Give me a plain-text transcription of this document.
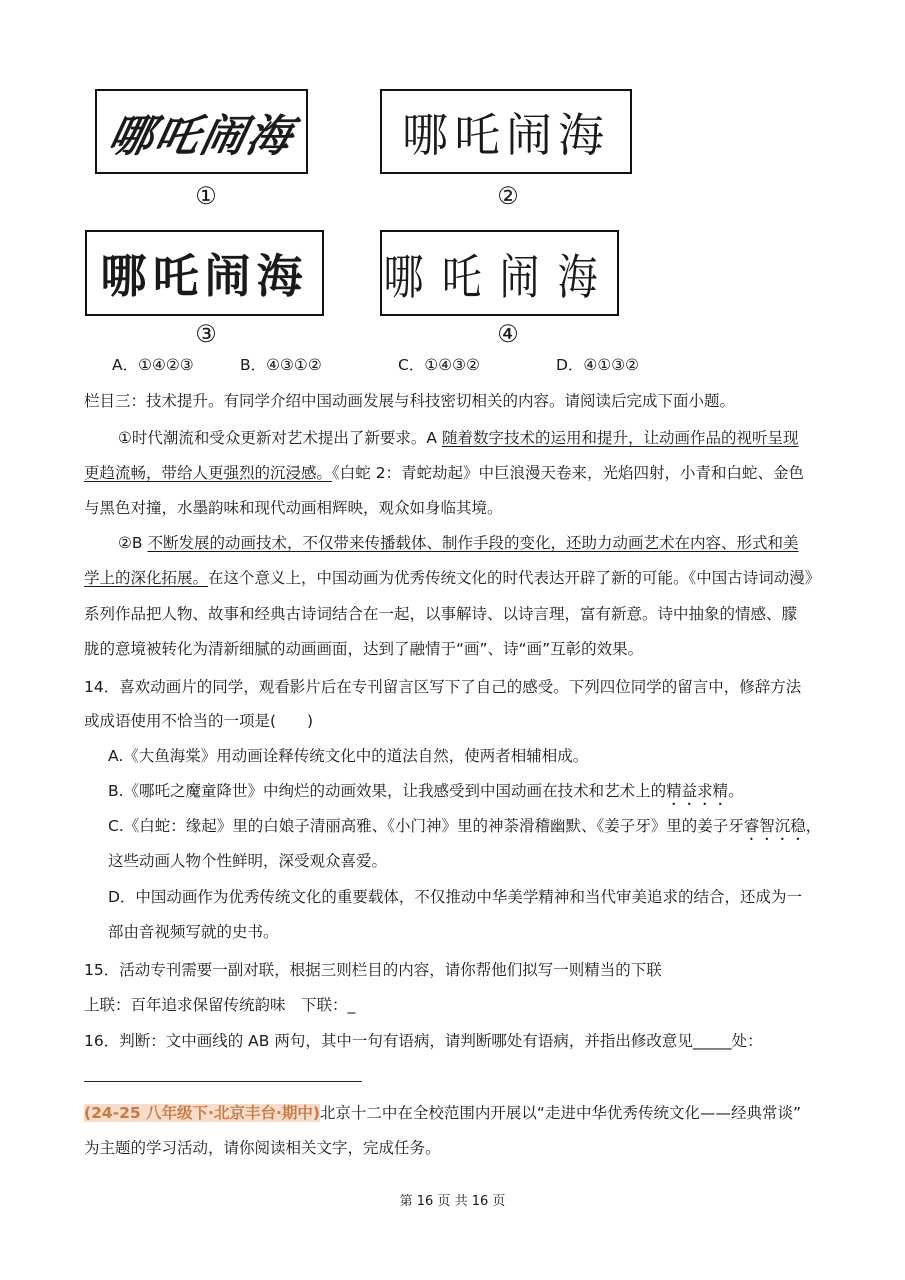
哪吒闹海
①
哪吒闹海
②
哪吒闹海
③
哪吒闹海
④
A．①④②③	B．④③①②	C．①④③②	D．④①③②
栏目三：技术提升。有同学介绍中国动画发展与科技密切相关的内容。请阅读后完成下面小题。
①时代潮流和受众更新对艺术提出了新要求。A 随着数字技术的运用和提升，让动画作品的视听呈现
更趋流畅，带给人更强烈的沉浸感。《白蛇 2：青蛇劫起》中巨浪漫天卷来，光焰四射，小青和白蛇、金色
与黑色对撞，水墨韵味和现代动画相辉映，观众如身临其境。
②B 不断发展的动画技术，不仅带来传播载体、制作手段的变化，还助力动画艺术在内容、形式和美
学上的深化拓展。在这个意义上，中国动画为优秀传统文化的时代表达开辟了新的可能。《中国古诗词动漫》
系列作品把人物、故事和经典古诗词结合在一起，以事解诗、以诗言理，富有新意。诗中抽象的情感、朦
胧的意境被转化为清新细腻的动画画面，达到了融情于“画”、诗“画”互彰的效果。
14．喜欢动画片的同学，观看影片后在专刊留言区写下了自己的感受。下列四位同学的留言中，修辞方法
或成语使用不恰当的一项是(　　)
A.《大鱼海棠》用动画诠释传统文化中的道法自然，使两者相辅相成。
B.《哪吒之魔童降世》中绚烂的动画效果，让我感受到中国动画在技术和艺术上的精益求精。
C.《白蛇：缘起》里的白娘子清丽高雅、《小门神》里的神荼滑稽幽默、《姜子牙》里的姜子牙睿智沉稳，
这些动画人物个性鲜明，深受观众喜爱。
D．中国动画作为优秀传统文化的重要载体，不仅推动中华美学精神和当代审美追求的结合，还成为一
部由音视频写就的史书。
15．活动专刊需要一副对联，根据三则栏目的内容，请你帮他们拟写一则精当的下联
上联：百年追求保留传统韵味　下联：_
16．判断：文中画线的 AB 两句，其中一句有语病，请判断哪处有语病，并指出修改意见_____处：
(24-25 八年级下·北京丰台·期中)北京十二中在全校范围内开展以“走进中华优秀传统文化——经典常谈”
为主题的学习活动，请你阅读相关文字，完成任务。
第 16 页 共 16 页
